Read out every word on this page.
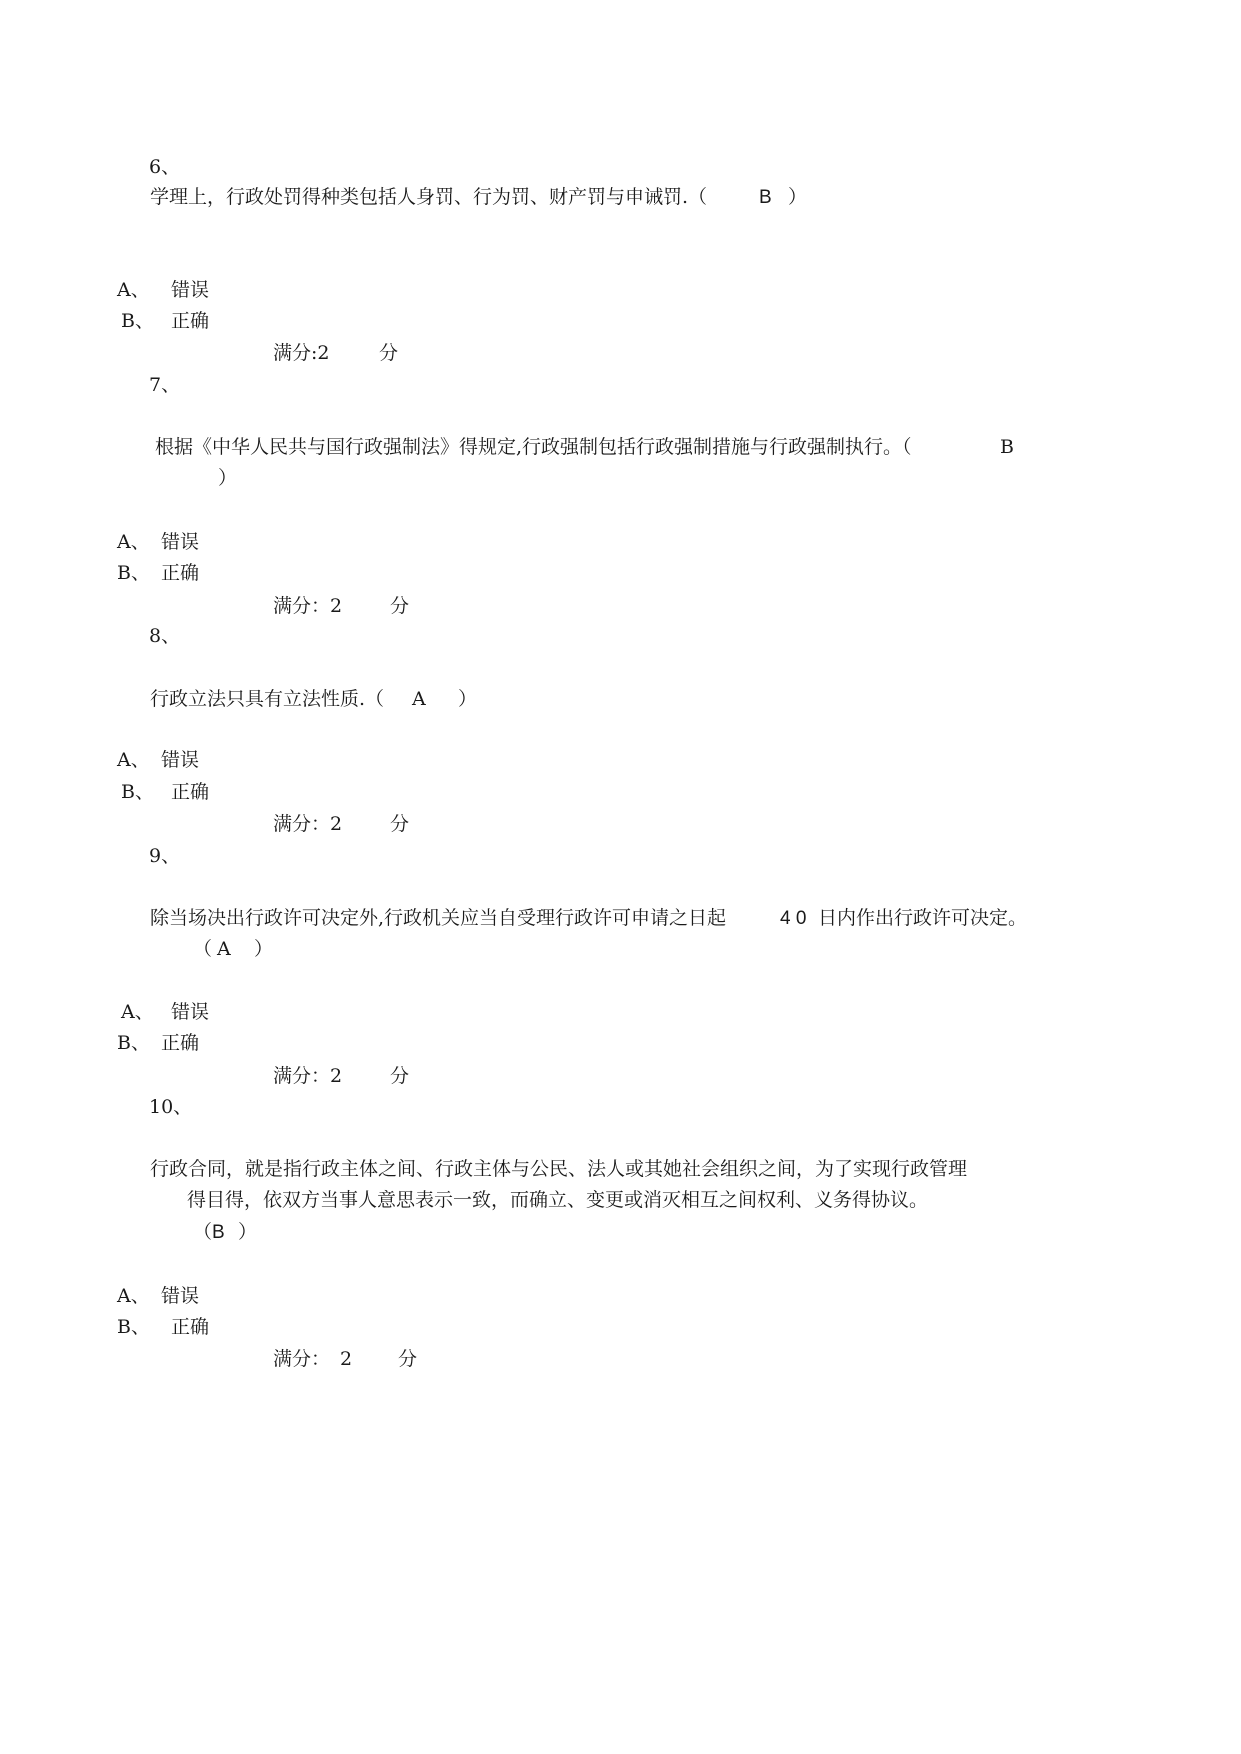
6、
学理上，行政处罚得种类包括人身罚、行为罚、财产罚与申诫罚.（	B ）
A、 错误
B、 正确
满分:2	分
7、
根据《中华人民共与国行政强制法》得规定,行政强制包括行政强制措施与行政强制执行。（	B
）
A、 错误
B、 正确
满分：2	分
8、
行政立法只具有立法性质.（ A ）
A、 错误
B、 正确
满分：2	分
9、
除当场决出行政许可决定外,行政机关应当自受理行政许可申请之日起	4 0 日内作出行政许可决定。
（ A ）
A、 错误
B、 正确
满分：2	分
10、
行政合同，就是指行政主体之间、行政主体与公民、法人或其她社会组织之间，为了实现行政管理
得目得，依双方当事人意思表示一致，而确立、变更或消灭相互之间权利、义务得协议。
（ B ）
A、 错误
B、 正确
满分： 2 分
